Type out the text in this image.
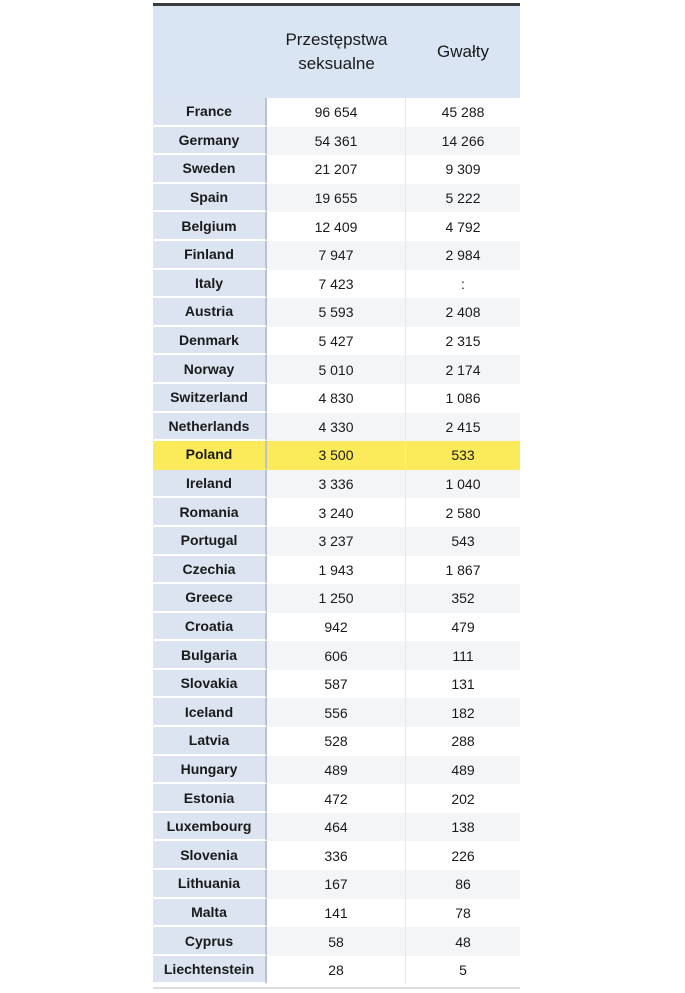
Przestępstwa seksualne
Gwałty
France	96 654	45 288
Germany	54 361	14 266
Sweden	21 207	9 309
Spain	19 655	5 222
Belgium	12 409	4 792
Finland	7 947	2 984
Italy	7 423	:
Austria	5 593	2 408
Denmark	5 427	2 315
Norway	5 010	2 174
Switzerland	4 830	1 086
Netherlands	4 330	2 415
Poland	3 500	533
Ireland	3 336	1 040
Romania	3 240	2 580
Portugal	3 237	543
Czechia	1 943	1 867
Greece	1 250	352
Croatia	942	479
Bulgaria	606	111
Slovakia	587	131
Iceland	556	182
Latvia	528	288
Hungary	489	489
Estonia	472	202
Luxembourg	464	138
Slovenia	336	226
Lithuania	167	86
Malta	141	78
Cyprus	58	48
Liechtenstein	28	5
